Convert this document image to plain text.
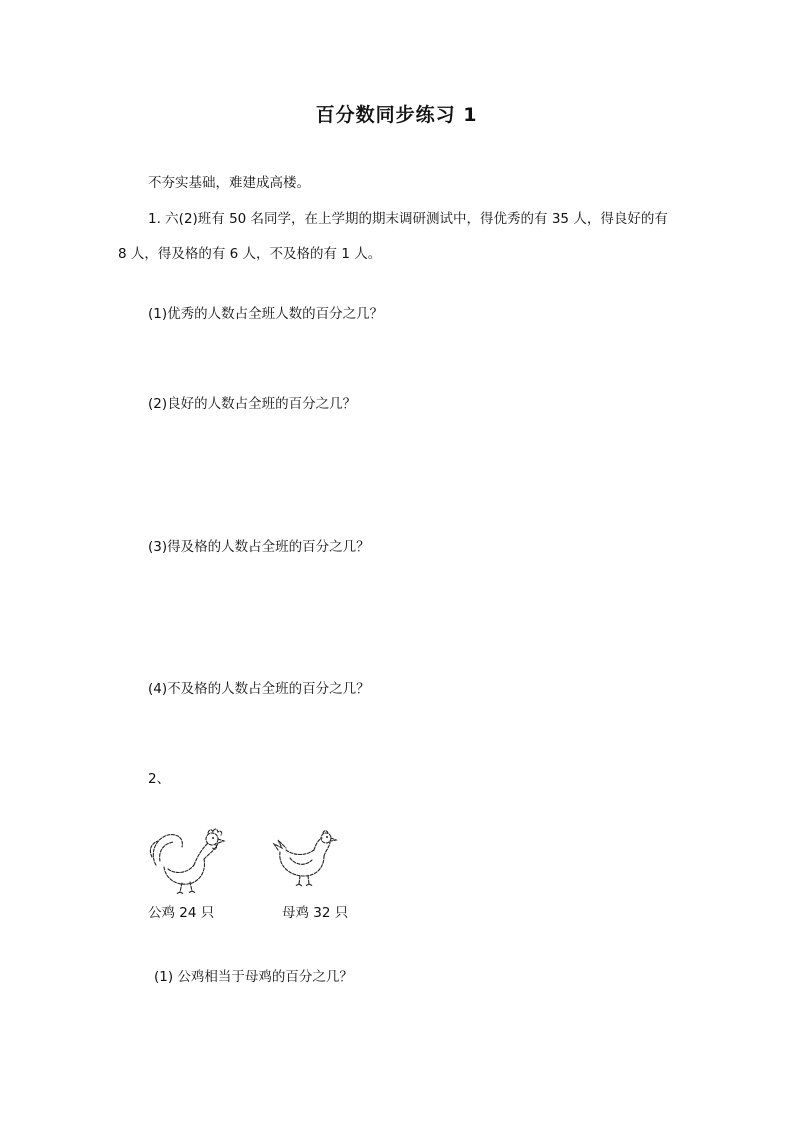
百分数同步练习 1
不夯实基础，难建成高楼。
1. 六(2)班有 50 名同学，在上学期的期末调研测试中，得优秀的有 35 人，得良好的有
8 人，得及格的有 6 人，不及格的有 1 人。
(1)优秀的人数占全班人数的百分之几？
(2)良好的人数占全班的百分之几？
(3)得及格的人数占全班的百分之几？
(4)不及格的人数占全班的百分之几？
2、
公鸡 24 只	母鸡 32 只
(1) 公鸡相当于母鸡的百分之几？
